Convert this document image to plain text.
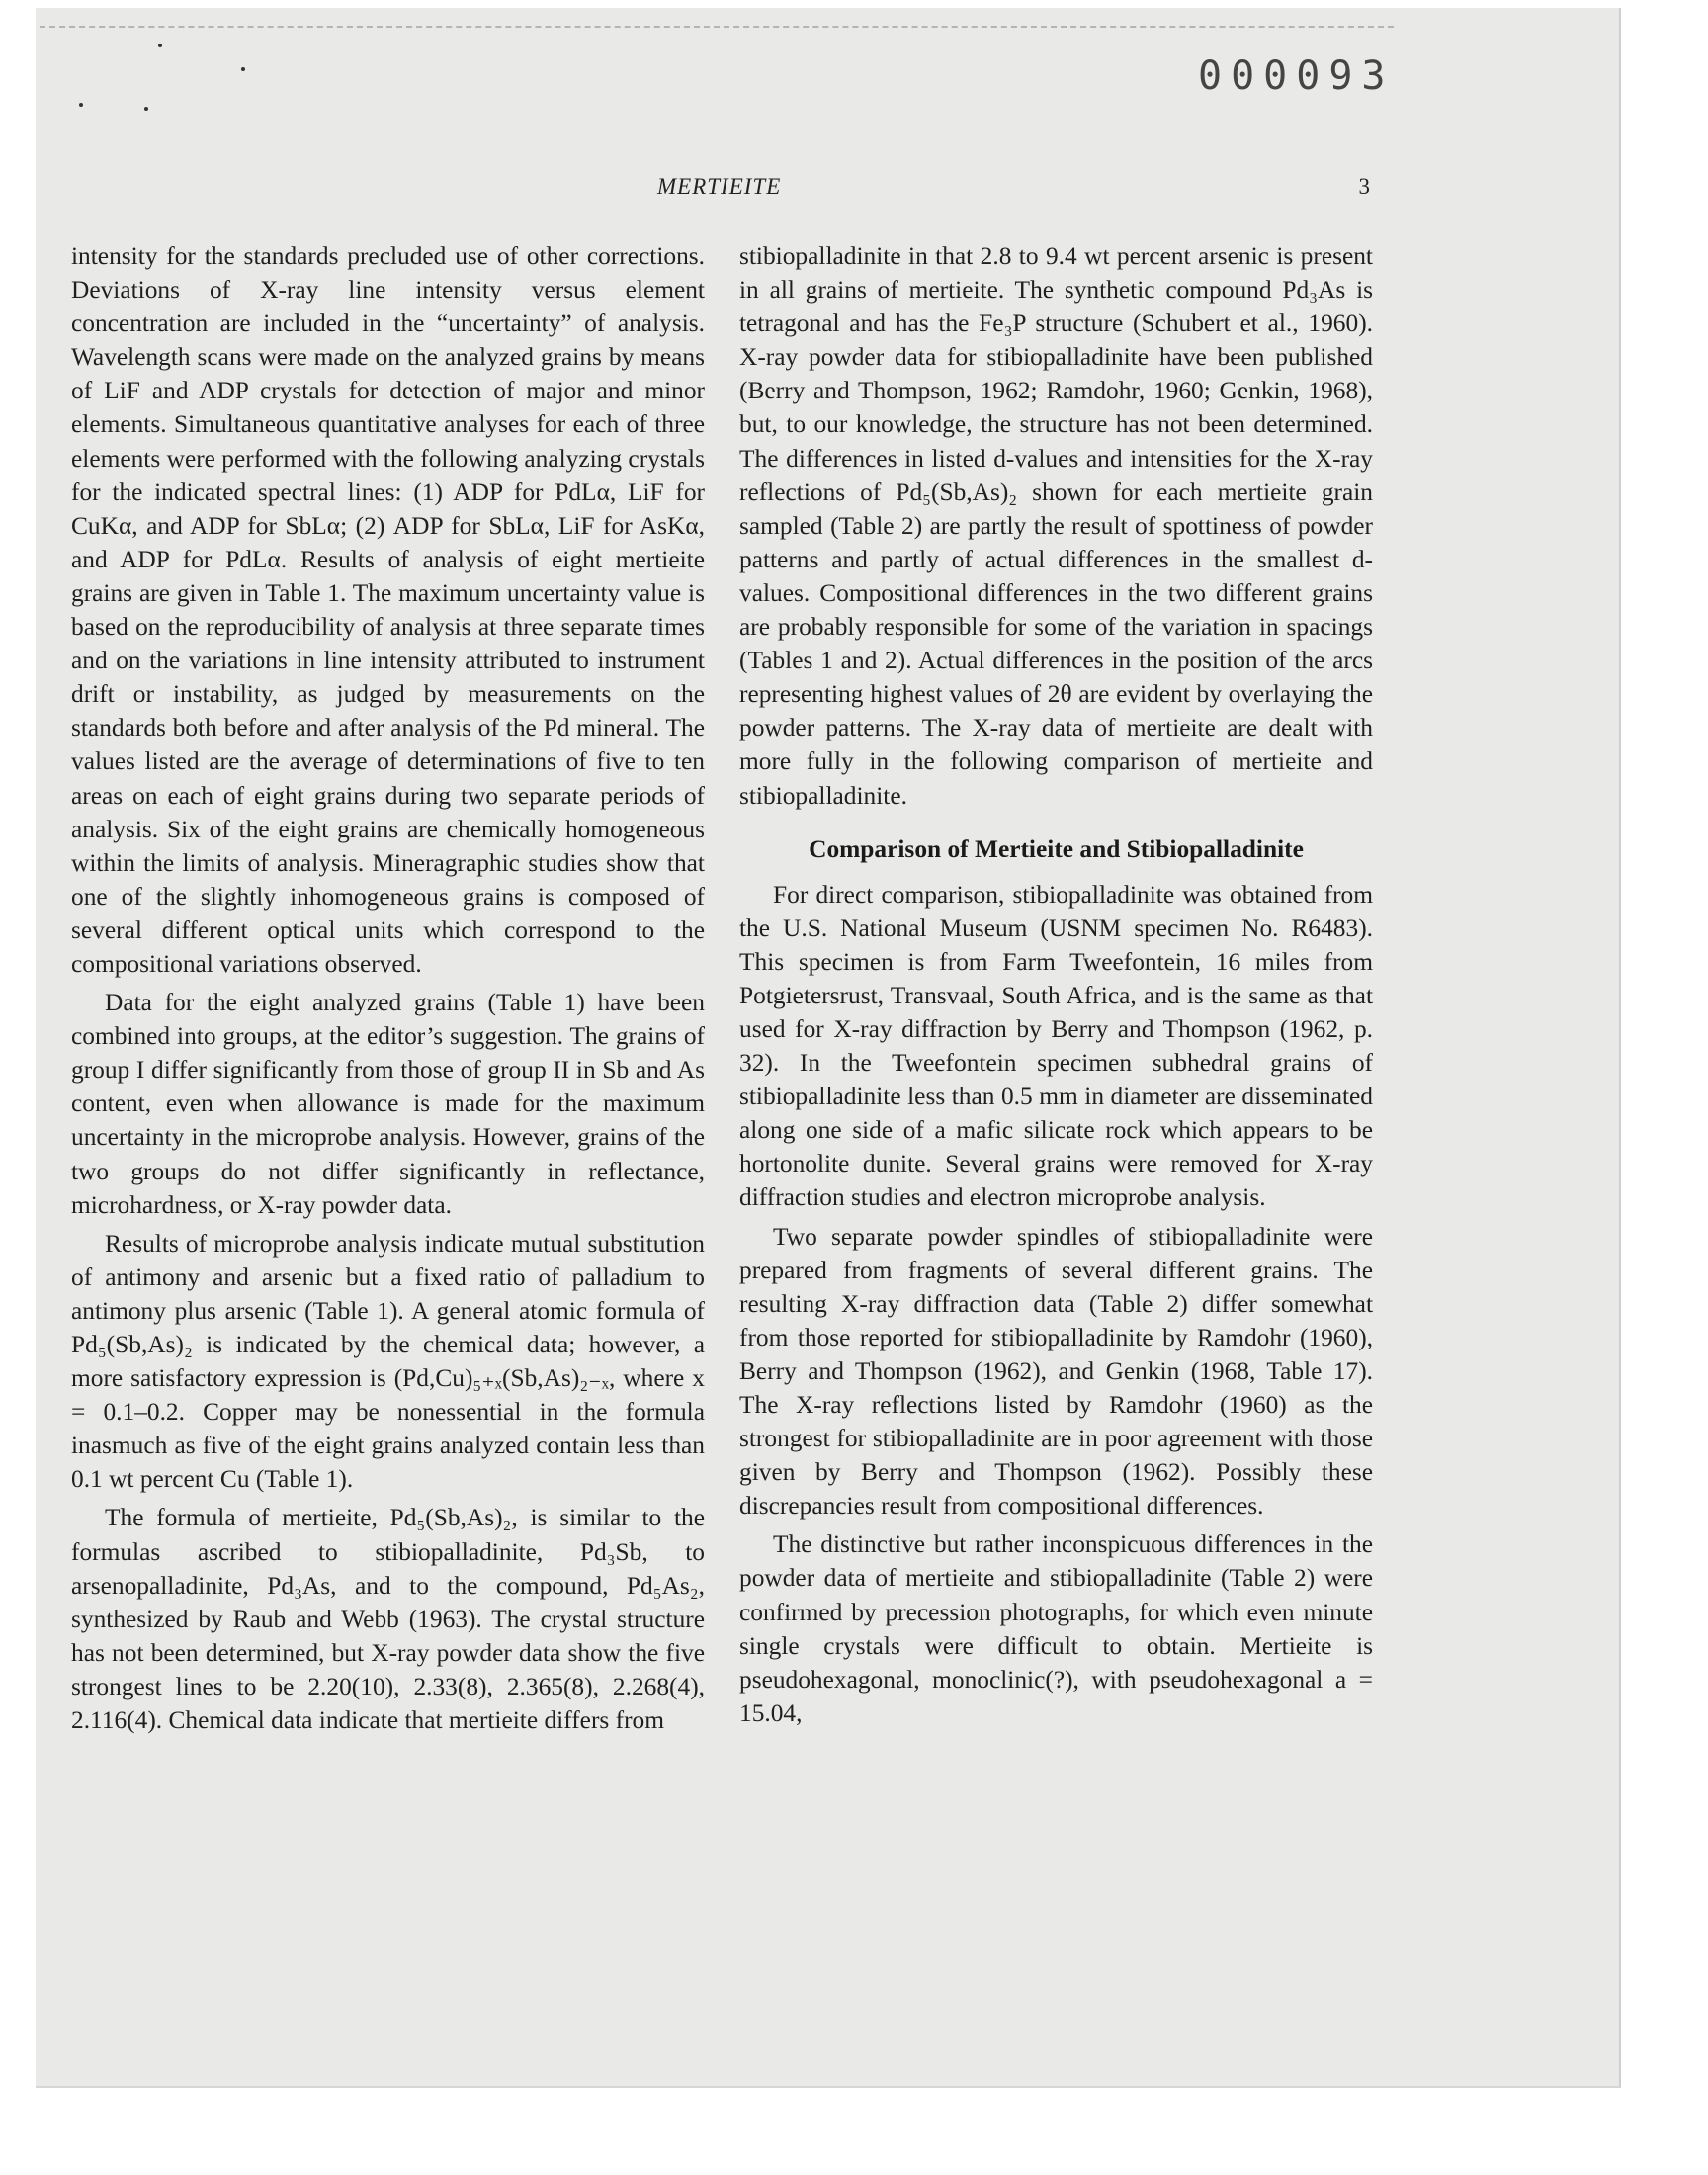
000093
MERTIEITE	3

intensity for the standards precluded use of other corrections. Deviations of X-ray line intensity versus element concentration are included in the “uncertainty” of analysis. Wavelength scans were made on the analyzed grains by means of LiF and ADP crystals for detection of major and minor elements. Simultaneous quantitative analyses for each of three elements were performed with the following analyzing crystals for the indicated spectral lines: (1) ADP for PdLα, LiF for CuKα, and ADP for SbLα; (2) ADP for SbLα, LiF for AsKα, and ADP for PdLα. Results of analysis of eight mertieite grains are given in Table 1. The maximum uncertainty value is based on the reproducibility of analysis at three separate times and on the variations in line intensity attributed to instrument drift or instability, as judged by measurements on the standards both before and after analysis of the Pd mineral. The values listed are the average of determinations of five to ten areas on each of eight grains during two separate periods of analysis. Six of the eight grains are chemically homogeneous within the limits of analysis. Mineragraphic studies show that one of the slightly inhomogeneous grains is composed of several different optical units which correspond to the compositional variations observed.

Data for the eight analyzed grains (Table 1) have been combined into groups, at the editor’s suggestion. The grains of group I differ significantly from those of group II in Sb and As content, even when allowance is made for the maximum uncertainty in the microprobe analysis. However, grains of the two groups do not differ significantly in reflectance, microhardness, or X-ray powder data.

Results of microprobe analysis indicate mutual substitution of antimony and arsenic but a fixed ratio of palladium to antimony plus arsenic (Table 1). A general atomic formula of Pd₅(Sb,As)₂ is indicated by the chemical data; however, a more satisfactory expression is (Pd,Cu)₅₊ₓ(Sb,As)₂₋ₓ, where x = 0.1–0.2. Copper may be nonessential in the formula inasmuch as five of the eight grains analyzed contain less than 0.1 wt percent Cu (Table 1).

The formula of mertieite, Pd₅(Sb,As)₂, is similar to the formulas ascribed to stibiopalladinite, Pd₃Sb, to arsenopalladinite, Pd₃As, and to the compound, Pd₅As₂, synthesized by Raub and Webb (1963). The crystal structure has not been determined, but X-ray powder data show the five strongest lines to be 2.20(10), 2.33(8), 2.365(8), 2.268(4), 2.116(4). Chemical data indicate that mertieite differs from

stibiopalladinite in that 2.8 to 9.4 wt percent arsenic is present in all grains of mertieite. The synthetic compound Pd₃As is tetragonal and has the Fe₃P structure (Schubert et al., 1960). X-ray powder data for stibiopalladinite have been published (Berry and Thompson, 1962; Ramdohr, 1960; Genkin, 1968), but, to our knowledge, the structure has not been determined. The differences in listed d-values and intensities for the X-ray reflections of Pd₅(Sb,As)₂ shown for each mertieite grain sampled (Table 2) are partly the result of spottiness of powder patterns and partly of actual differences in the smallest d-values. Compositional differences in the two different grains are probably responsible for some of the variation in spacings (Tables 1 and 2). Actual differences in the position of the arcs representing highest values of 2θ are evident by overlaying the powder patterns. The X-ray data of mertieite are dealt with more fully in the following comparison of mertieite and stibiopalladinite.

Comparison of Mertieite and Stibiopalladinite

For direct comparison, stibiopalladinite was obtained from the U.S. National Museum (USNM specimen No. R6483). This specimen is from Farm Tweefontein, 16 miles from Potgietersrust, Transvaal, South Africa, and is the same as that used for X-ray diffraction by Berry and Thompson (1962, p. 32). In the Tweefontein specimen subhedral grains of stibiopalladinite less than 0.5 mm in diameter are disseminated along one side of a mafic silicate rock which appears to be hortonolite dunite. Several grains were removed for X-ray diffraction studies and electron microprobe analysis.

Two separate powder spindles of stibiopalladinite were prepared from fragments of several different grains. The resulting X-ray diffraction data (Table 2) differ somewhat from those reported for stibiopalladinite by Ramdohr (1960), Berry and Thompson (1962), and Genkin (1968, Table 17). The X-ray reflections listed by Ramdohr (1960) as the strongest for stibiopalladinite are in poor agreement with those given by Berry and Thompson (1962). Possibly these discrepancies result from compositional differences.

The distinctive but rather inconspicuous differences in the powder data of mertieite and stibiopalladinite (Table 2) were confirmed by precession photographs, for which even minute single crystals were difficult to obtain. Mertieite is pseudohexagonal, monoclinic(?), with pseudohexagonal a = 15.04,
